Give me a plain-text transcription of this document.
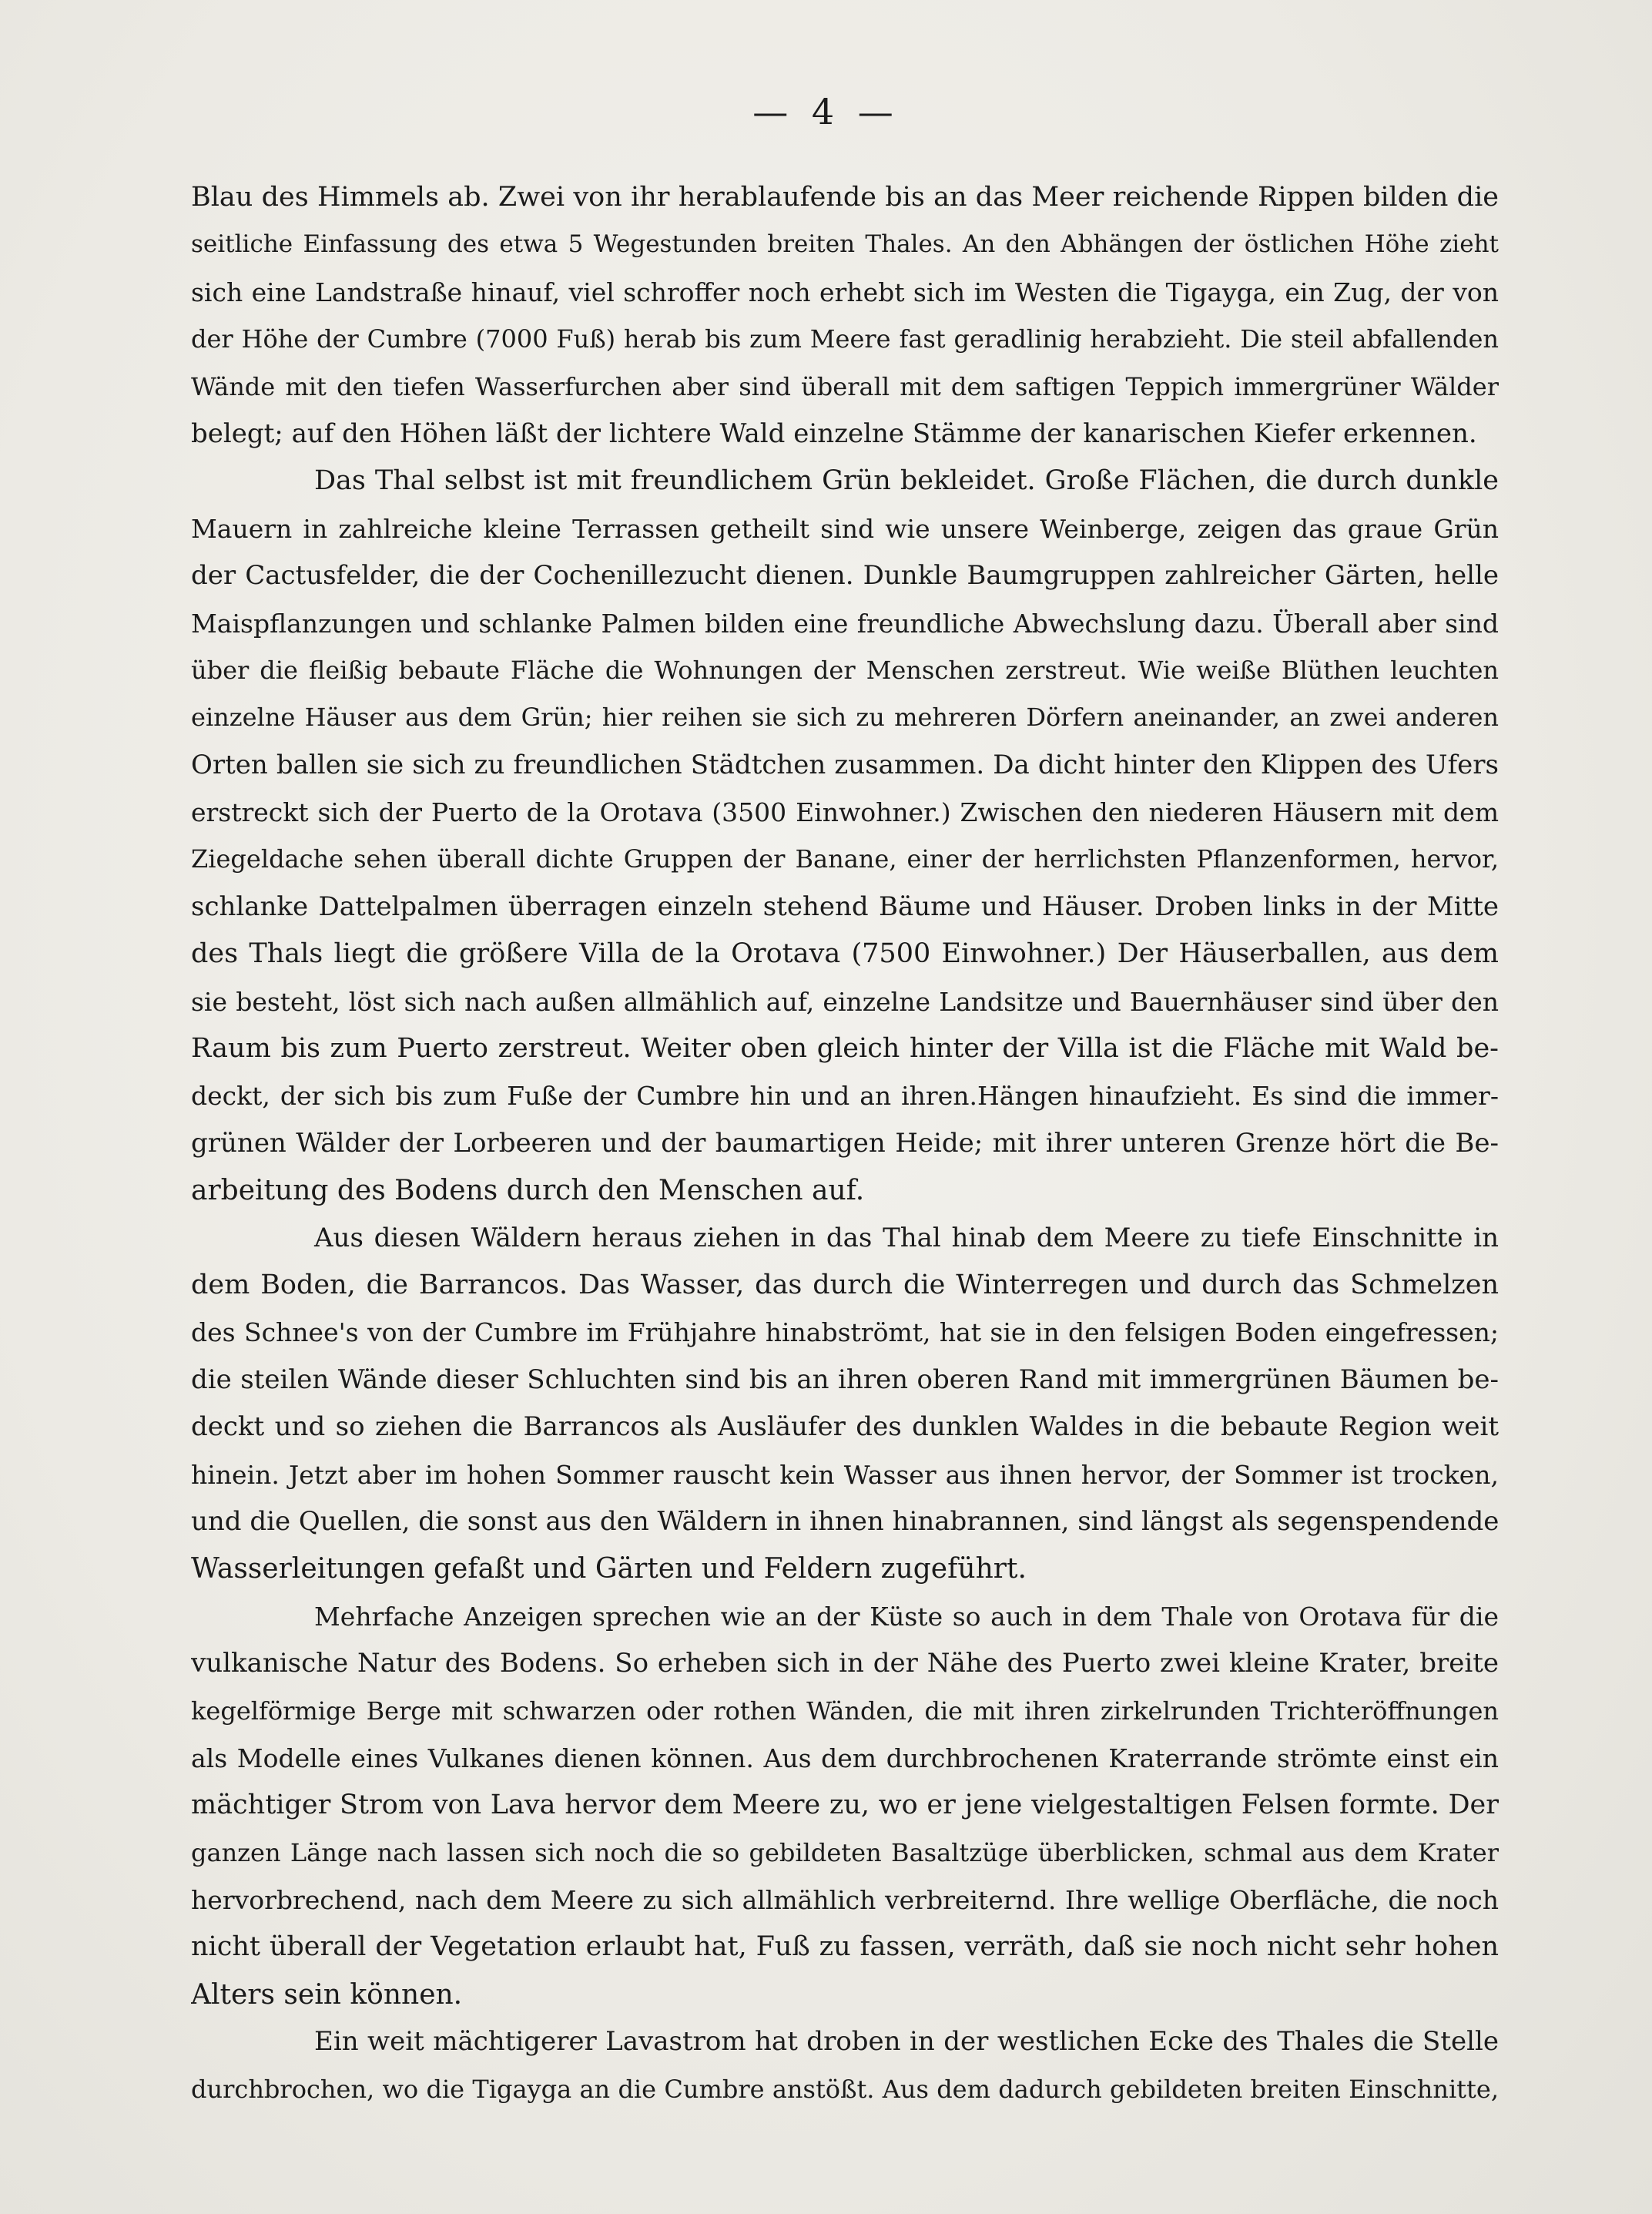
— 4 —
Blau des Himmels ab. Zwei von ihr herablaufende bis an das Meer reichende Rippen bilden die
seitliche Einfassung des etwa 5 Wegestunden breiten Thales. An den Abhängen der östlichen Höhe zieht
sich eine Landstraße hinauf, viel schroffer noch erhebt sich im Westen die Tigayga, ein Zug, der von
der Höhe der Cumbre (7000 Fuß) herab bis zum Meere fast geradlinig herabzieht. Die steil abfallenden
Wände mit den tiefen Wasserfurchen aber sind überall mit dem saftigen Teppich immergrüner Wälder
belegt; auf den Höhen läßt der lichtere Wald einzelne Stämme der kanarischen Kiefer erkennen.
Das Thal selbst ist mit freundlichem Grün bekleidet. Große Flächen, die durch dunkle
Mauern in zahlreiche kleine Terrassen getheilt sind wie unsere Weinberge, zeigen das graue Grün
der Cactusfelder, die der Cochenillezucht dienen. Dunkle Baumgruppen zahlreicher Gärten, helle
Maispflanzungen und schlanke Palmen bilden eine freundliche Abwechslung dazu. Überall aber sind
über die fleißig bebaute Fläche die Wohnungen der Menschen zerstreut. Wie weiße Blüthen leuchten
einzelne Häuser aus dem Grün; hier reihen sie sich zu mehreren Dörfern aneinander, an zwei anderen
Orten ballen sie sich zu freundlichen Städtchen zusammen. Da dicht hinter den Klippen des Ufers
erstreckt sich der Puerto de la Orotava (3500 Einwohner.) Zwischen den niederen Häusern mit dem
Ziegeldache sehen überall dichte Gruppen der Banane, einer der herrlichsten Pflanzenformen, hervor,
schlanke Dattelpalmen überragen einzeln stehend Bäume und Häuser. Droben links in der Mitte
des Thals liegt die größere Villa de la Orotava (7500 Einwohner.) Der Häuserballen, aus dem
sie besteht, löst sich nach außen allmählich auf, einzelne Landsitze und Bauernhäuser sind über den
Raum bis zum Puerto zerstreut. Weiter oben gleich hinter der Villa ist die Fläche mit Wald be-
deckt, der sich bis zum Fuße der Cumbre hin und an ihren.Hängen hinaufzieht. Es sind die immer-
grünen Wälder der Lorbeeren und der baumartigen Heide; mit ihrer unteren Grenze hört die Be-
arbeitung des Bodens durch den Menschen auf.
Aus diesen Wäldern heraus ziehen in das Thal hinab dem Meere zu tiefe Einschnitte in
dem Boden, die Barrancos. Das Wasser, das durch die Winterregen und durch das Schmelzen
des Schnee's von der Cumbre im Frühjahre hinabströmt, hat sie in den felsigen Boden eingefressen;
die steilen Wände dieser Schluchten sind bis an ihren oberen Rand mit immergrünen Bäumen be-
deckt und so ziehen die Barrancos als Ausläufer des dunklen Waldes in die bebaute Region weit
hinein. Jetzt aber im hohen Sommer rauscht kein Wasser aus ihnen hervor, der Sommer ist trocken,
und die Quellen, die sonst aus den Wäldern in ihnen hinabrannen, sind längst als segenspendende
Wasserleitungen gefaßt und Gärten und Feldern zugeführt.
Mehrfache Anzeigen sprechen wie an der Küste so auch in dem Thale von Orotava für die
vulkanische Natur des Bodens. So erheben sich in der Nähe des Puerto zwei kleine Krater, breite
kegelförmige Berge mit schwarzen oder rothen Wänden, die mit ihren zirkelrunden Trichteröffnungen
als Modelle eines Vulkanes dienen können. Aus dem durchbrochenen Kraterrande strömte einst ein
mächtiger Strom von Lava hervor dem Meere zu, wo er jene vielgestaltigen Felsen formte. Der
ganzen Länge nach lassen sich noch die so gebildeten Basaltzüge überblicken, schmal aus dem Krater
hervorbrechend, nach dem Meere zu sich allmählich verbreiternd. Ihre wellige Oberfläche, die noch
nicht überall der Vegetation erlaubt hat, Fuß zu fassen, verräth, daß sie noch nicht sehr hohen
Alters sein können.
Ein weit mächtigerer Lavastrom hat droben in der westlichen Ecke des Thales die Stelle
durchbrochen, wo die Tigayga an die Cumbre anstößt. Aus dem dadurch gebildeten breiten Einschnitte,
